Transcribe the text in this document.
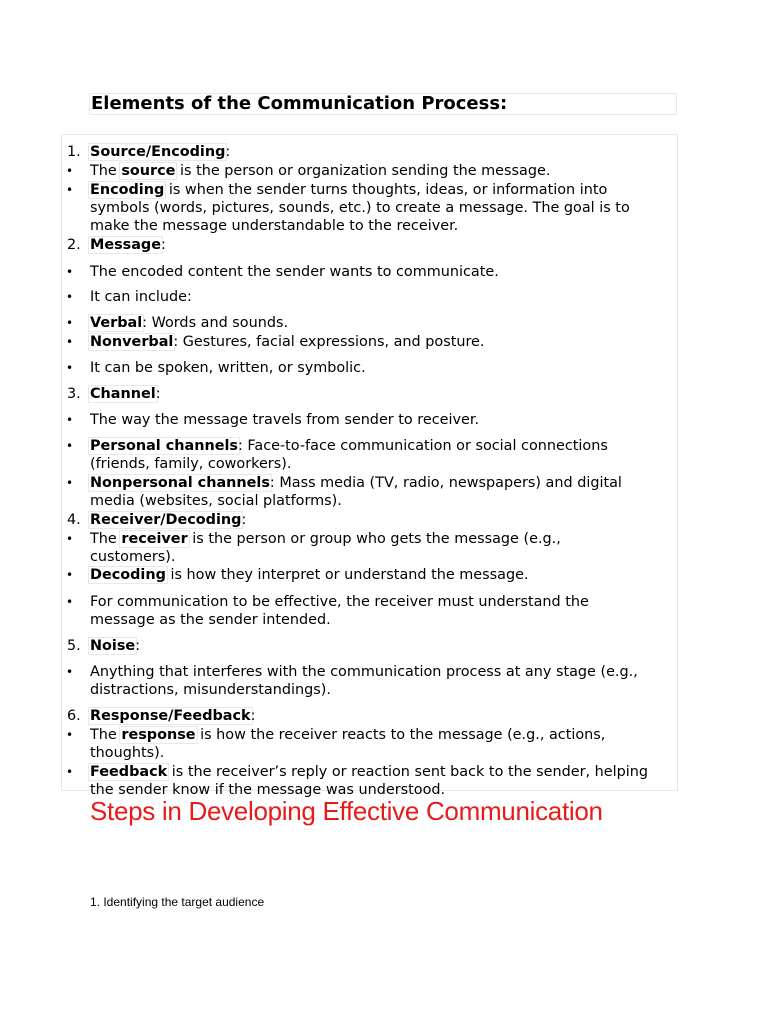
Elements of the Communication Process:
1. Source/Encoding:
• The source is the person or organization sending the message.
• Encoding is when the sender turns thoughts, ideas, or information into
symbols (words, pictures, sounds, etc.) to create a message. The goal is to
make the message understandable to the receiver.
2. Message:
• The encoded content the sender wants to communicate.
• It can include:
• Verbal: Words and sounds.
• Nonverbal: Gestures, facial expressions, and posture.
• It can be spoken, written, or symbolic.
3. Channel:
• The way the message travels from sender to receiver.
• Personal channels: Face-to-face communication or social connections
(friends, family, coworkers).
• Nonpersonal channels: Mass media (TV, radio, newspapers) and digital
media (websites, social platforms).
4. Receiver/Decoding:
• The receiver is the person or group who gets the message (e.g.,
customers).
• Decoding is how they interpret or understand the message.
• For communication to be effective, the receiver must understand the
message as the sender intended.
5. Noise:
• Anything that interferes with the communication process at any stage (e.g.,
distractions, misunderstandings).
6. Response/Feedback:
• The response is how the receiver reacts to the message (e.g., actions,
thoughts).
• Feedback is the receiver’s reply or reaction sent back to the sender, helping
the sender know if the message was understood.
Steps in Developing Effective Communication
1. Identifying the target audience
